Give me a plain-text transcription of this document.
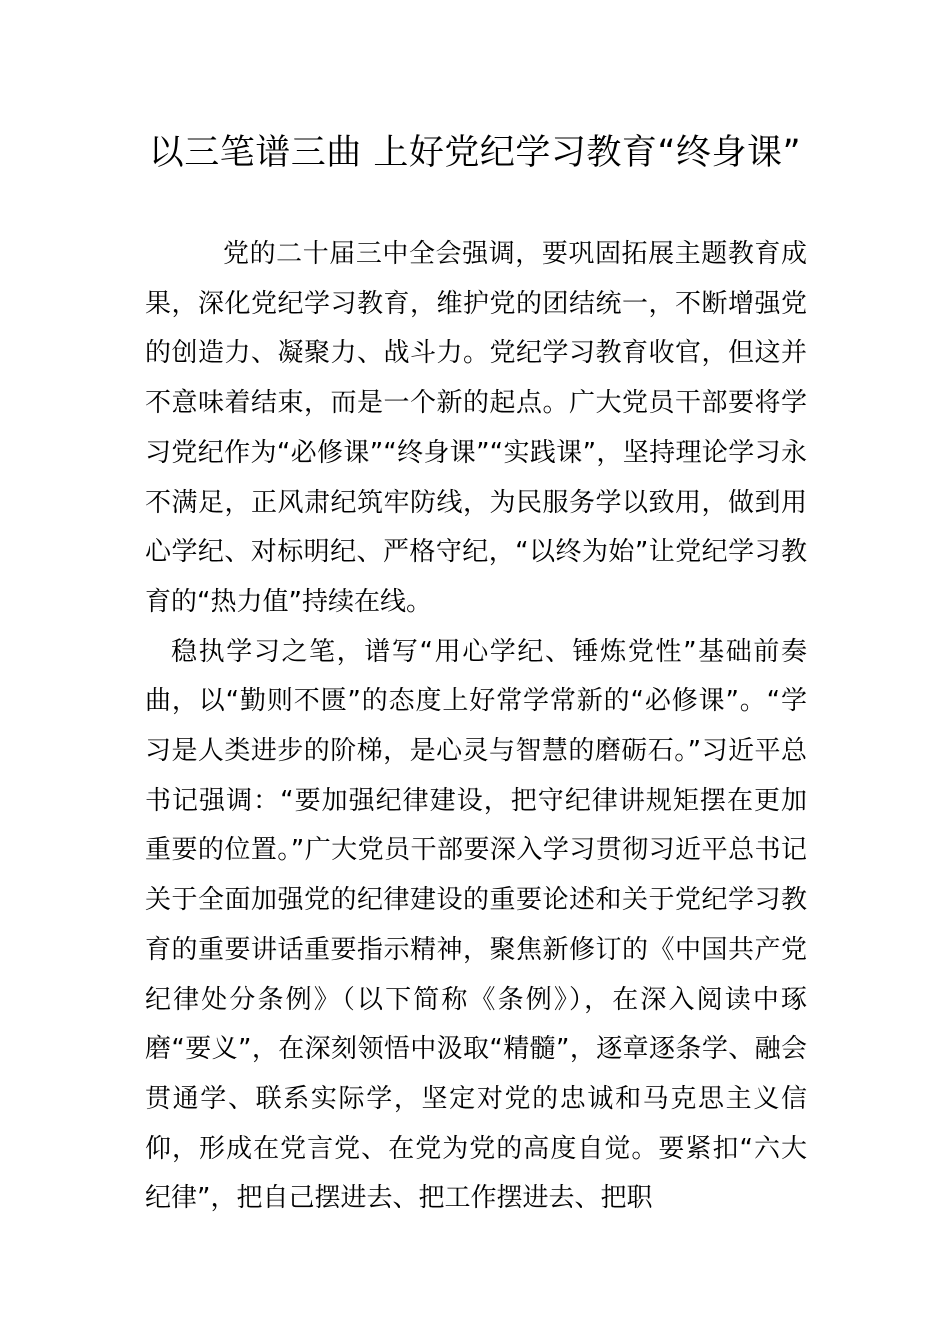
以三笔谱三曲 上好党纪学习教育“终身课”

党的二十届三中全会强调，要巩固拓展主题教育成果，深化党纪学习教育，维护党的团结统一，不断增强党的创造力、凝聚力、战斗力。党纪学习教育收官，但这并不意味着结束，而是一个新的起点。广大党员干部要将学习党纪作为“必修课”“终身课”“实践课”，坚持理论学习永不满足，正风肃纪筑牢防线，为民服务学以致用，做到用心学纪、对标明纪、严格守纪，“以终为始”让党纪学习教育的“热力值”持续在线。

稳执学习之笔，谱写“用心学纪、锤炼党性”基础前奏曲，以“勤则不匮”的态度上好常学常新的“必修课”。“学习是人类进步的阶梯，是心灵与智慧的磨砺石。”习近平总书记强调：“要加强纪律建设，把守纪律讲规矩摆在更加重要的位置。”广大党员干部要深入学习贯彻习近平总书记关于全面加强党的纪律建设的重要论述和关于党纪学习教育的重要讲话重要指示精神，聚焦新修订的《中国共产党纪律处分条例》（以下简称《条例》），在深入阅读中琢磨“要义”，在深刻领悟中汲取“精髓”，逐章逐条学、融会贯通学、联系实际学，坚定对党的忠诚和马克思主义信仰，形成在党言党、在党为党的高度自觉。要紧扣“六大纪律”，把自己摆进去、把工作摆进去、把职
